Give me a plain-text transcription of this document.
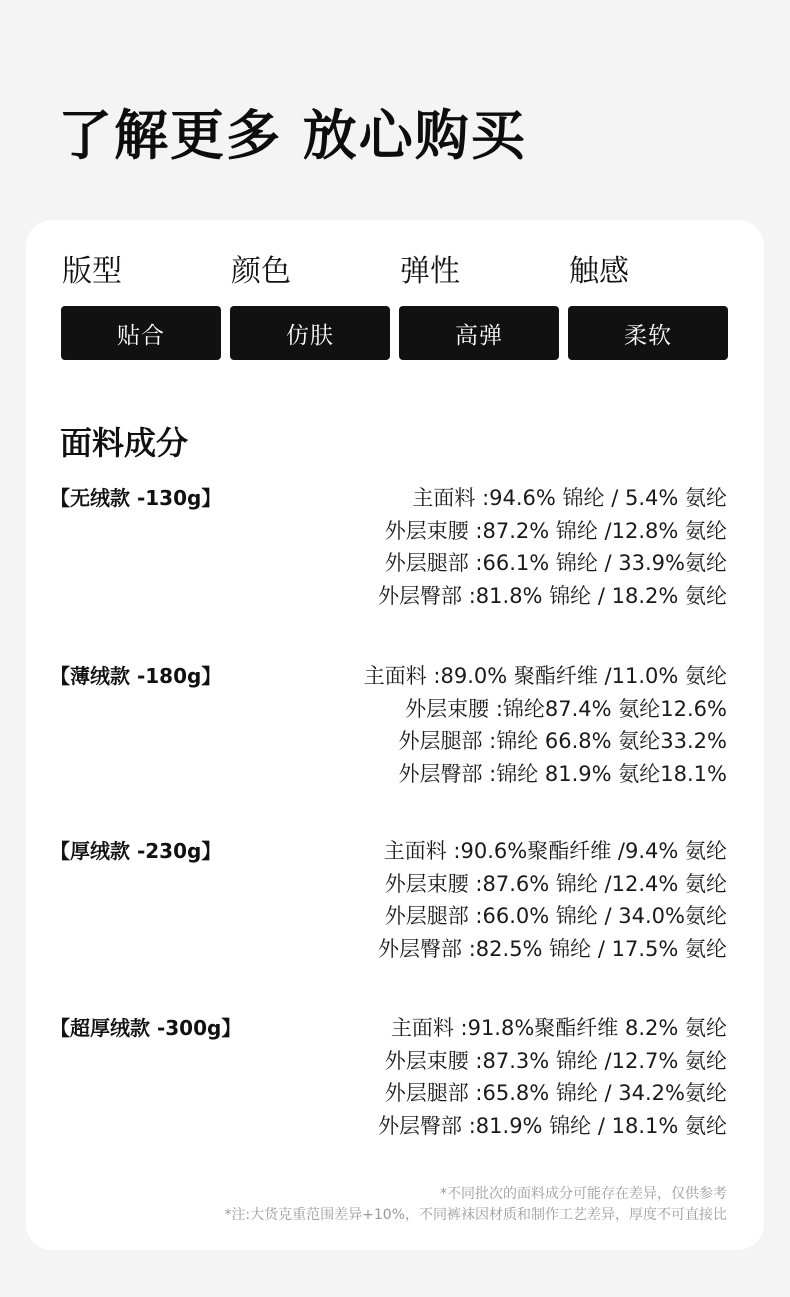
了解更多 放心购买
版型
贴合
颜色
仿肤
弹性
高弹
触感
柔软
面料成分
【无绒款 -130g】	主面料 :94.6% 锦纶 / 5.4% 氨纶
外层束腰 :87.2% 锦纶 /12.8% 氨纶
外层腿部 :66.1% 锦纶 / 33.9%氨纶
外层臀部 :81.8% 锦纶 / 18.2% 氨纶
【薄绒款 -180g】	主面料 :89.0% 聚酯纤维 /11.0% 氨纶
外层束腰 :锦纶87.4% 氨纶12.6%
外层腿部 :锦纶 66.8% 氨纶33.2%
外层臀部 :锦纶 81.9% 氨纶18.1%
【厚绒款 -230g】	主面料 :90.6%聚酯纤维 /9.4% 氨纶
外层束腰 :87.6% 锦纶 /12.4% 氨纶
外层腿部 :66.0% 锦纶 / 34.0%氨纶
外层臀部 :82.5% 锦纶 / 17.5% 氨纶
【超厚绒款 -300g】	主面料 :91.8%聚酯纤维 8.2% 氨纶
外层束腰 :87.3% 锦纶 /12.7% 氨纶
外层腿部 :65.8% 锦纶 / 34.2%氨纶
外层臀部 :81.9% 锦纶 / 18.1% 氨纶
*不同批次的面料成分可能存在差异，仅供参考
*注:大货克重范围差异+10%，不同裤袜因材质和制作工艺差异，厚度不可直接比
